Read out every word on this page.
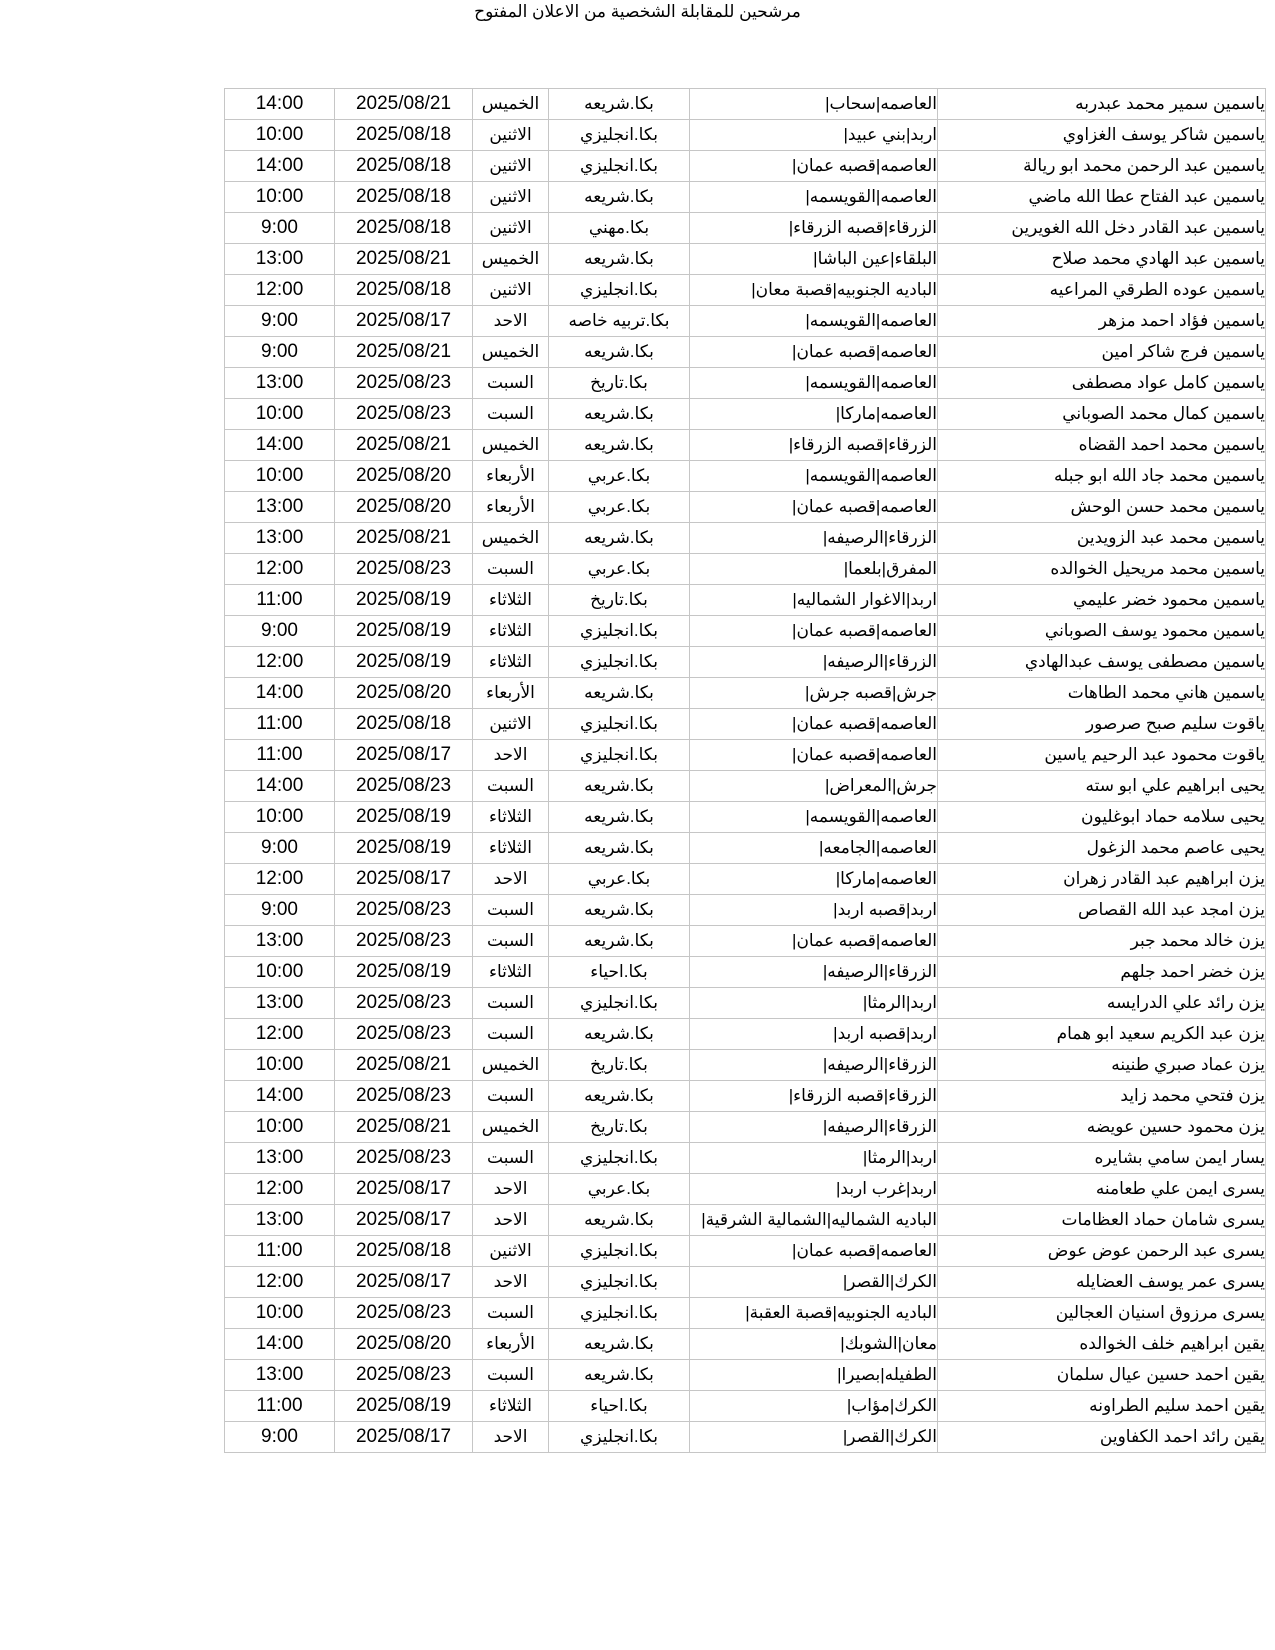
مرشحين للمقابلة الشخصية من الاعلان المفتوح
14:00	2025/08/21	الخميس	بكا.شريعه	العاصمه|سحاب|	ياسمين سمير محمد عبدربه
10:00	2025/08/18	الاثنين	بكا.انجليزي	اربد|بني عبيد|	ياسمين شاكر يوسف الغزاوي
14:00	2025/08/18	الاثنين	بكا.انجليزي	العاصمه|قصبه عمان|	ياسمين عبد الرحمن محمد ابو ريالة
10:00	2025/08/18	الاثنين	بكا.شريعه	العاصمه|القويسمه|	ياسمين عبد الفتاح عطا الله ماضي
9:00	2025/08/18	الاثنين	بكا.مهني	الزرقاء|قصبه الزرقاء|	ياسمين عبد القادر دخل الله الغويرين
13:00	2025/08/21	الخميس	بكا.شريعه	البلقاء|عين الباشا|	ياسمين عبد الهادي محمد صلاح
12:00	2025/08/18	الاثنين	بكا.انجليزي	الباديه الجنوبيه|قصبة معان|	ياسمين عوده الطرقي المراعيه
9:00	2025/08/17	الاحد	بكا.تربيه خاصه	العاصمه|القويسمه|	ياسمين فؤاد احمد مزهر
9:00	2025/08/21	الخميس	بكا.شريعه	العاصمه|قصبه عمان|	ياسمين فرج شاكر امين
13:00	2025/08/23	السبت	بكا.تاريخ	العاصمه|القويسمه|	ياسمين كامل عواد مصطفى
10:00	2025/08/23	السبت	بكا.شريعه	العاصمه|ماركا|	ياسمين كمال محمد الصوباني
14:00	2025/08/21	الخميس	بكا.شريعه	الزرقاء|قصبه الزرقاء|	ياسمين محمد احمد القضاه
10:00	2025/08/20	الأربعاء	بكا.عربي	العاصمه|القويسمه|	ياسمين محمد جاد الله ابو جبله
13:00	2025/08/20	الأربعاء	بكا.عربي	العاصمه|قصبه عمان|	ياسمين محمد حسن الوحش
13:00	2025/08/21	الخميس	بكا.شريعه	الزرقاء|الرصيفه|	ياسمين محمد عبد الزويدين
12:00	2025/08/23	السبت	بكا.عربي	المفرق|بلعما|	ياسمين محمد مريحيل الخوالده
11:00	2025/08/19	الثلاثاء	بكا.تاريخ	اربد|الاغوار الشماليه|	ياسمين محمود خضر عليمي
9:00	2025/08/19	الثلاثاء	بكا.انجليزي	العاصمه|قصبه عمان|	ياسمين محمود يوسف الصوباني
12:00	2025/08/19	الثلاثاء	بكا.انجليزي	الزرقاء|الرصيفه|	ياسمين مصطفى يوسف عبدالهادي
14:00	2025/08/20	الأربعاء	بكا.شريعه	جرش|قصبه جرش|	ياسمين هاني محمد الطاهات
11:00	2025/08/18	الاثنين	بكا.انجليزي	العاصمه|قصبه عمان|	ياقوت سليم صبح صرصور
11:00	2025/08/17	الاحد	بكا.انجليزي	العاصمه|قصبه عمان|	ياقوت محمود عبد الرحيم ياسين
14:00	2025/08/23	السبت	بكا.شريعه	جرش|المعراض|	يحيى ابراهيم علي ابو سته
10:00	2025/08/19	الثلاثاء	بكا.شريعه	العاصمه|القويسمه|	يحيى سلامه حماد ابوغليون
9:00	2025/08/19	الثلاثاء	بكا.شريعه	العاصمه|الجامعه|	يحيى عاصم محمد الزغول
12:00	2025/08/17	الاحد	بكا.عربي	العاصمه|ماركا|	يزن ابراهيم عبد القادر زهران
9:00	2025/08/23	السبت	بكا.شريعه	اربد|قصبه اربد|	يزن امجد عبد الله القصاص
13:00	2025/08/23	السبت	بكا.شريعه	العاصمه|قصبه عمان|	يزن خالد محمد جبر
10:00	2025/08/19	الثلاثاء	بكا.احياء	الزرقاء|الرصيفه|	يزن خضر احمد جلهم
13:00	2025/08/23	السبت	بكا.انجليزي	اربد|الرمثا|	يزن رائد علي الدرايسه
12:00	2025/08/23	السبت	بكا.شريعه	اربد|قصبه اربد|	يزن عبد الكريم سعيد ابو همام
10:00	2025/08/21	الخميس	بكا.تاريخ	الزرقاء|الرصيفه|	يزن عماد صبري طنينه
14:00	2025/08/23	السبت	بكا.شريعه	الزرقاء|قصبه الزرقاء|	يزن فتحي محمد زايد
10:00	2025/08/21	الخميس	بكا.تاريخ	الزرقاء|الرصيفه|	يزن محمود حسين عويضه
13:00	2025/08/23	السبت	بكا.انجليزي	اربد|الرمثا|	يسار ايمن سامي بشايره
12:00	2025/08/17	الاحد	بكا.عربي	اربد|غرب اربد|	يسرى ايمن علي طعامنه
13:00	2025/08/17	الاحد	بكا.شريعه	الباديه الشماليه|الشمالية الشرقية|	يسرى شامان حماد العظامات
11:00	2025/08/18	الاثنين	بكا.انجليزي	العاصمه|قصبه عمان|	يسرى عبد الرحمن عوض عوض
12:00	2025/08/17	الاحد	بكا.انجليزي	الكرك|القصر|	يسرى عمر يوسف العضايله
10:00	2025/08/23	السبت	بكا.انجليزي	الباديه الجنوبيه|قصبة العقبة|	يسرى مرزوق اسنيان العجالين
14:00	2025/08/20	الأربعاء	بكا.شريعه	معان|الشوبك|	يقين ابراهيم خلف الخوالده
13:00	2025/08/23	السبت	بكا.شريعه	الطفيله|بصيرا|	يقين احمد حسين عيال سلمان
11:00	2025/08/19	الثلاثاء	بكا.احياء	الكرك|مؤاب|	يقين احمد سليم الطراونه
9:00	2025/08/17	الاحد	بكا.انجليزي	الكرك|القصر|	يقين رائد احمد الكفاوين
